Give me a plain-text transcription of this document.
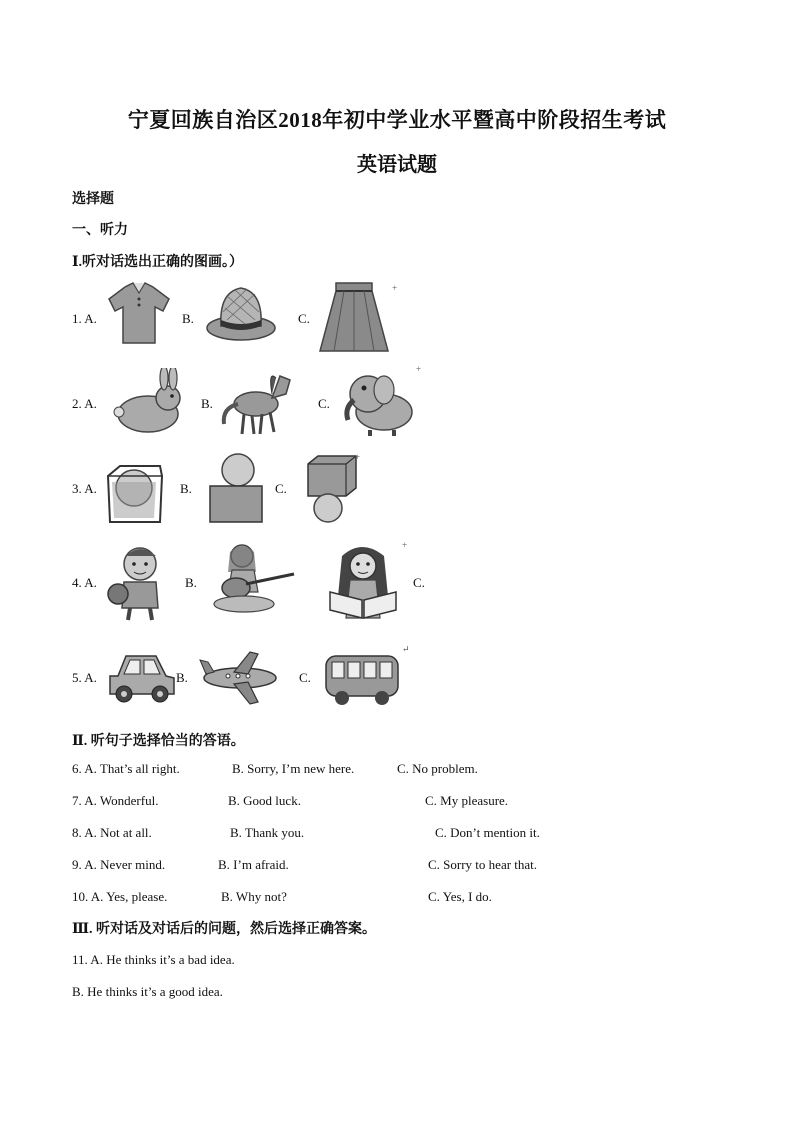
宁夏回族自治区2018年初中学业水平暨高中阶段招生考试
英语试题
选择题
一、听力
Ⅰ.听对话选出正确的图画。）
1. A.	B.	C.
+
2. A.	B.	C.
+
3. A.	B.	C.
+
4. A.	B.	C.
+
5. A.	B.	C.
↵
Ⅱ. 听句子选择恰当的答语。
6. A. That’s all right.	B. Sorry, I’m new here.	C. No problem.
7. A. Wonderful.	B. Good luck.	C. My pleasure.
8. A. Not at all.	B. Thank you.	C. Don’t mention it.
9. A. Never mind.	B. I’m afraid.	C. Sorry to hear that.
10. A. Yes, please.	B. Why not?	C. Yes, I do.
Ⅲ. 听对话及对话后的问题，然后选择正确答案。
11. A. He thinks it’s a bad idea.
B. He thinks it’s a good idea.
